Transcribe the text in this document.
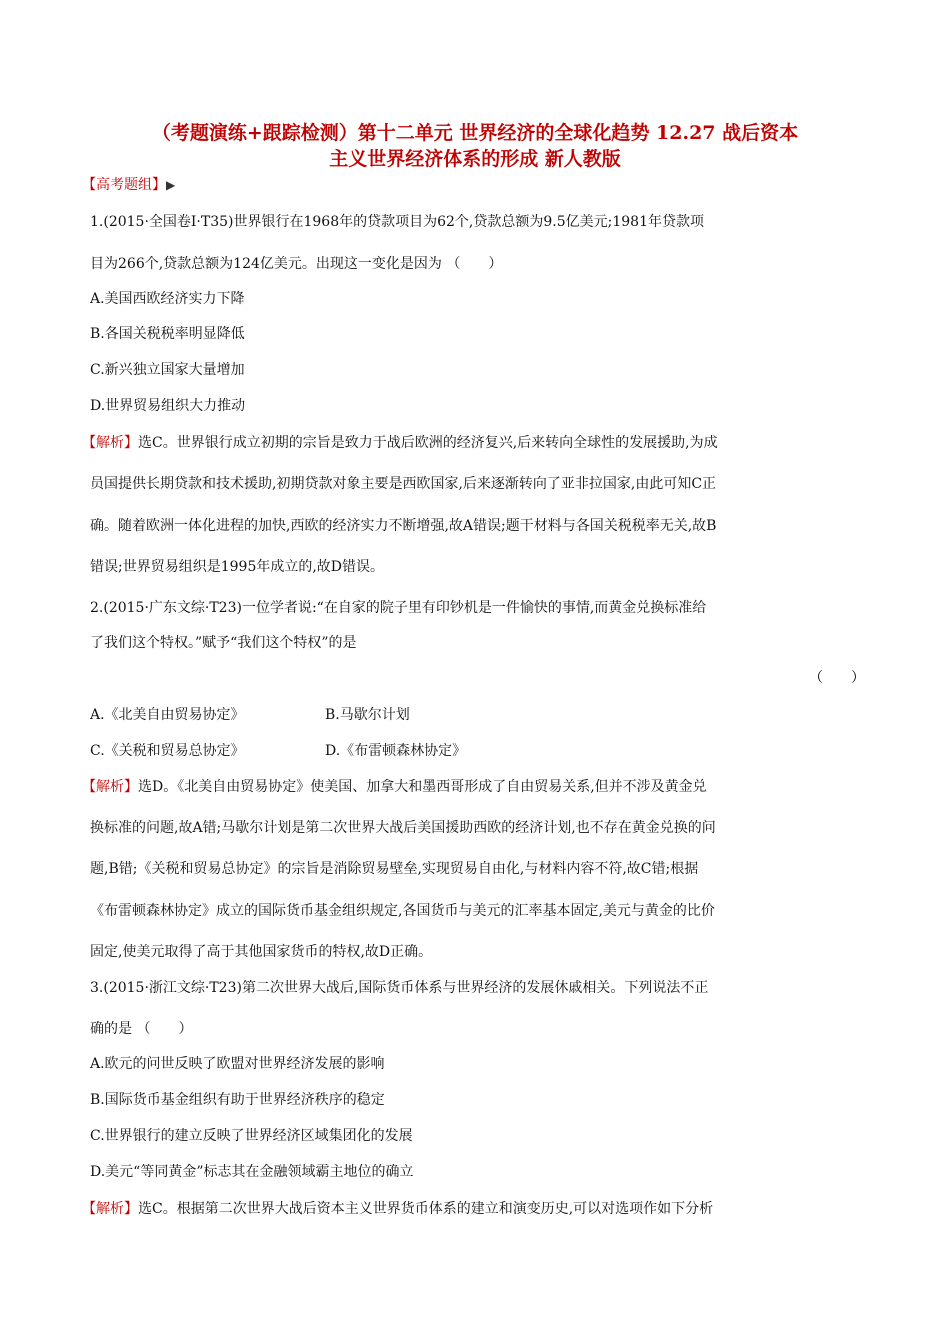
（考题演练+跟踪检测）第十二单元 世界经济的全球化趋势 12.27 战后资本
主义世界经济体系的形成 新人教版
【高考题组】▶
1.(2015·全国卷Ⅰ·T35)世界银行在1968年的贷款项目为62个,贷款总额为9.5亿美元;1981年贷款项
目为266个,贷款总额为124亿美元。出现这一变化是因为 （　　）
A.美国西欧经济实力下降
B.各国关税税率明显降低
C.新兴独立国家大量增加
D.世界贸易组织大力推动
【解析】选C。世界银行成立初期的宗旨是致力于战后欧洲的经济复兴,后来转向全球性的发展援助,为成
员国提供长期贷款和技术援助,初期贷款对象主要是西欧国家,后来逐渐转向了亚非拉国家,由此可知C正
确。随着欧洲一体化进程的加快,西欧的经济实力不断增强,故A错误;题干材料与各国关税税率无关,故B
错误;世界贸易组织是1995年成立的,故D错误。
2.(2015·广东文综·T23)一位学者说:“在自家的院子里有印钞机是一件愉快的事情,而黄金兑换标准给
了我们这个特权。”赋予“我们这个特权”的是
（　　）
A.《北美自由贸易协定》	B.马歇尔计划
C.《关税和贸易总协定》	D.《布雷顿森林协定》
【解析】选D。《北美自由贸易协定》使美国、加拿大和墨西哥形成了自由贸易关系,但并不涉及黄金兑
换标准的问题,故A错;马歇尔计划是第二次世界大战后美国援助西欧的经济计划,也不存在黄金兑换的问
题,B错;《关税和贸易总协定》的宗旨是消除贸易壁垒,实现贸易自由化,与材料内容不符,故C错;根据
《布雷顿森林协定》成立的国际货币基金组织规定,各国货币与美元的汇率基本固定,美元与黄金的比价
固定,使美元取得了高于其他国家货币的特权,故D正确。
3.(2015·浙江文综·T23)第二次世界大战后,国际货币体系与世界经济的发展休戚相关。下列说法不正
确的是 （　　）
A.欧元的问世反映了欧盟对世界经济发展的影响
B.国际货币基金组织有助于世界经济秩序的稳定
C.世界银行的建立反映了世界经济区域集团化的发展
D.美元“等同黄金”标志其在金融领域霸主地位的确立
【解析】选C。根据第二次世界大战后资本主义世界货币体系的建立和演变历史,可以对选项作如下分析
